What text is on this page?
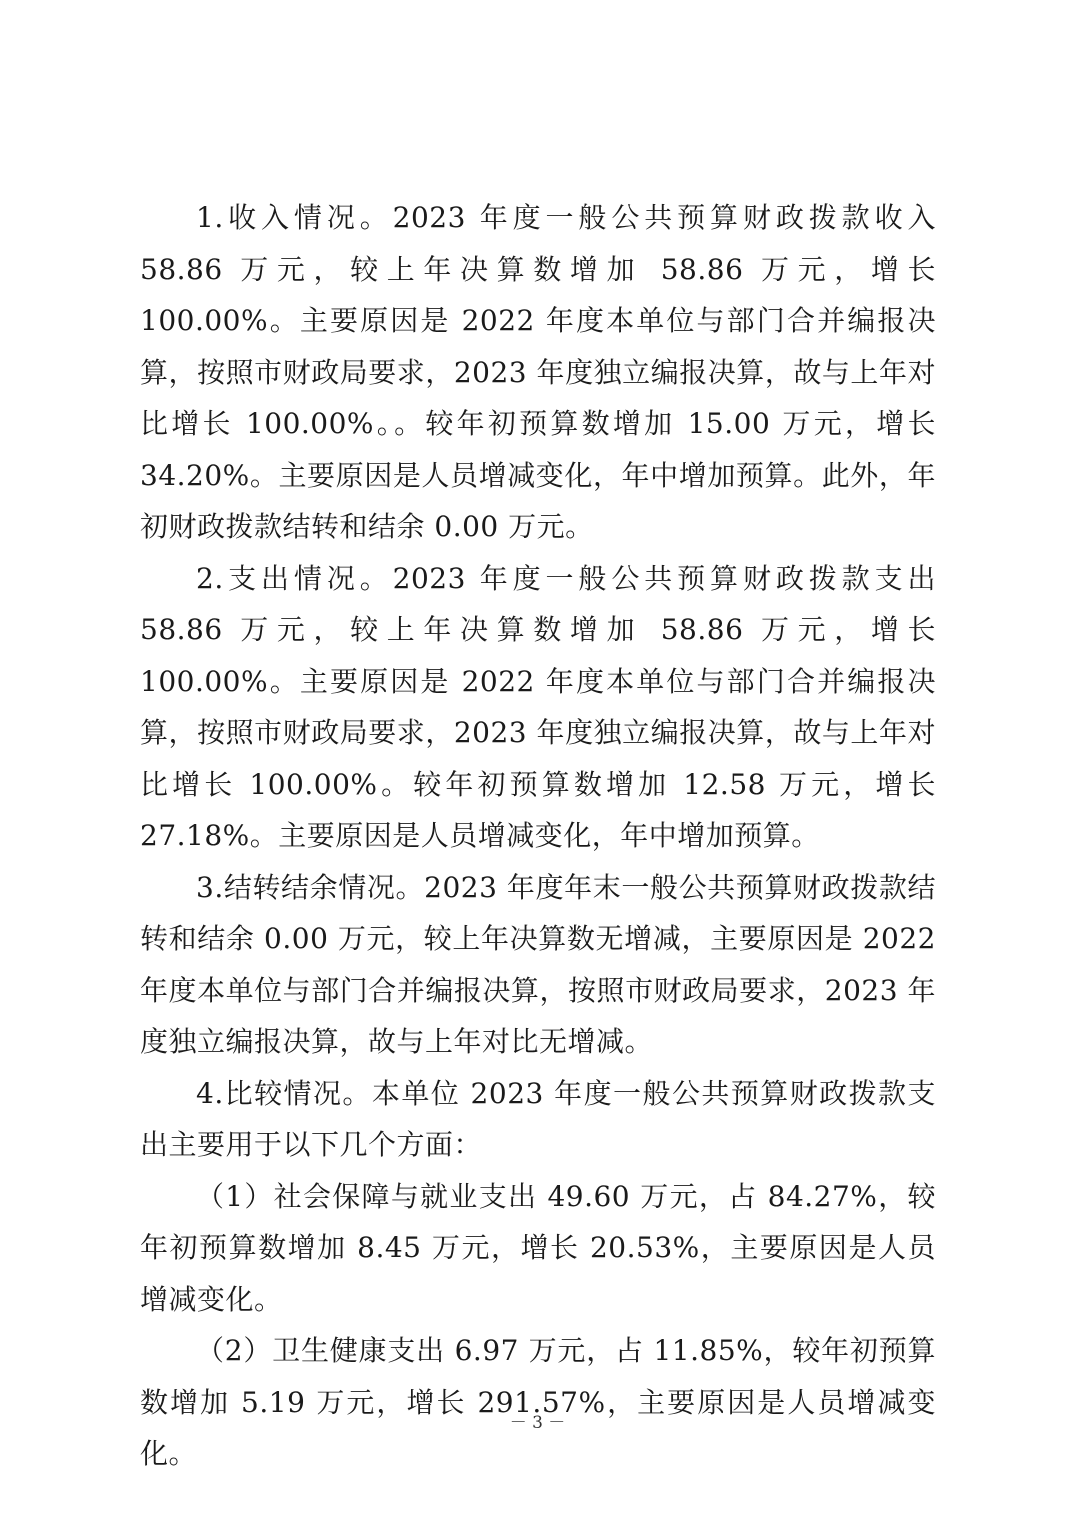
1.收入情况。2023 年度一般公共预算财政拨款收入 58.86 万元，较上年决算数增加 58.86 万元，增长 100.00%。主要原因是 2022 年度本单位与部门合并编报决算，按照市财政局要求，2023 年度独立编报决算，故与上年对比增长 100.00%。。较年初预算数增加 15.00 万元，增长 34.20%。主要原因是人员增减变化，年中增加预算。此外，年初财政拨款结转和结余 0.00 万元。

2.支出情况。2023 年度一般公共预算财政拨款支出 58.86 万元，较上年决算数增加 58.86 万元，增长 100.00%。主要原因是 2022 年度本单位与部门合并编报决算，按照市财政局要求，2023 年度独立编报决算，故与上年对比增长 100.00%。较年初预算数增加 12.58 万元，增长 27.18%。主要原因是人员增减变化，年中增加预算。

3.结转结余情况。2023 年度年末一般公共预算财政拨款结转和结余 0.00 万元，较上年决算数无增减，主要原因是 2022 年度本单位与部门合并编报决算，按照市财政局要求，2023 年度独立编报决算，故与上年对比无增减。

4.比较情况。本单位 2023 年度一般公共预算财政拨款支出主要用于以下几个方面：

（1）社会保障与就业支出 49.60 万元，占 84.27%，较年初预算数增加 8.45 万元，增长 20.53%，主要原因是人员增减变化。

（2）卫生健康支出 6.97 万元，占 11.85%，较年初预算数增加 5.19 万元，增长 291.57%，主要原因是人员增减变化。

－ 3 －
